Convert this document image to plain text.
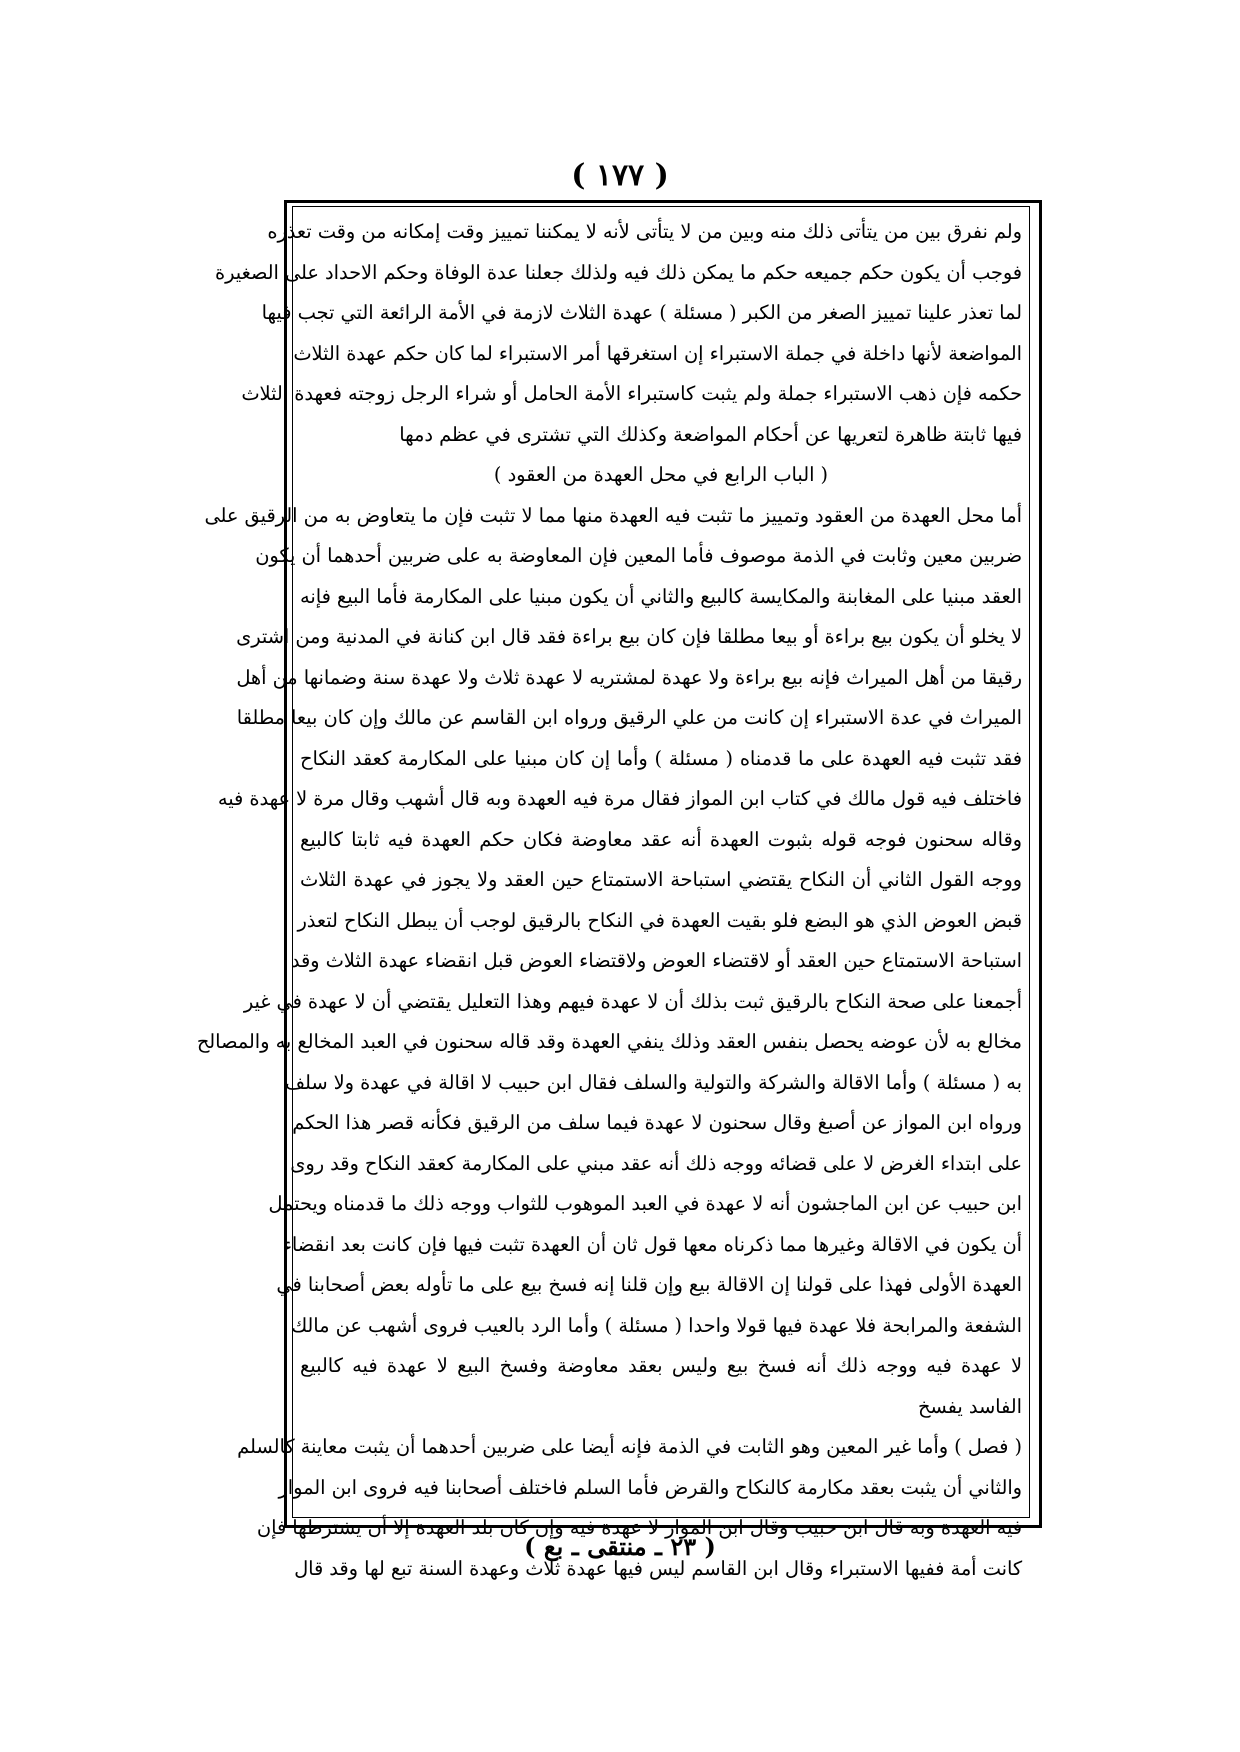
( ١٧٧ )
ولم نفرق بين من يتأتى ذلك منه وبين من لا يتأتى لأنه لا يمكننا تمييز وقت إمكانه من وقت تعذره
فوجب أن يكون حكم جميعه حكم ما يمكن ذلك فيه ولذلك جعلنا عدة الوفاة وحكم الاحداد على الصغيرة
لما تعذر علينا تمييز الصغر من الكبر ( مسئلة ) عهدة الثلاث لازمة في الأمة الرائعة التي تجب فيها
المواضعة لأنها داخلة في جملة الاستبراء إن استغرقها أمر الاستبراء لما كان حكم عهدة الثلاث
حكمه فإن ذهب الاستبراء جملة ولم يثبت كاستبراء الأمة الحامل أو شراء الرجل زوجته فعهدة الثلاث
فيها ثابتة ظاهرة لتعريها عن أحكام المواضعة وكذلك التي تشترى في عظم دمها
( الباب الرابع في محل العهدة من العقود )
أما محل العهدة من العقود وتمييز ما تثبت فيه العهدة منها مما لا تثبت فإن ما يتعاوض به من الرقيق على
ضربين معين وثابت في الذمة موصوف فأما المعين فإن المعاوضة به على ضربين أحدهما أن يكون
العقد مبنيا على المغابنة والمكايسة كالبيع والثاني أن يكون مبنيا على المكارمة فأما البيع فإنه
لا يخلو أن يكون بيع براءة أو بيعا مطلقا فإن كان بيع براءة فقد قال ابن كنانة في المدنية ومن اشترى
رقيقا من أهل الميراث فإنه بيع براءة ولا عهدة لمشتريه لا عهدة ثلاث ولا عهدة سنة وضمانها من أهل
الميراث في عدة الاستبراء إن كانت من علي الرقيق ورواه ابن القاسم عن مالك وإن كان بيعا مطلقا
فقد تثبت فيه العهدة على ما قدمناه ( مسئلة ) وأما إن كان مبنيا على المكارمة كعقد النكاح
فاختلف فيه قول مالك في كتاب ابن المواز فقال مرة فيه العهدة وبه قال أشهب وقال مرة لا عهدة فيه
وقاله سحنون فوجه قوله بثبوت العهدة أنه عقد معاوضة فكان حكم العهدة فيه ثابتا كالبيع
ووجه القول الثاني أن النكاح يقتضي استباحة الاستمتاع حين العقد ولا يجوز في عهدة الثلاث
قبض العوض الذي هو البضع فلو بقيت العهدة في النكاح بالرقيق لوجب أن يبطل النكاح لتعذر
استباحة الاستمتاع حين العقد أو لاقتضاء العوض ولاقتضاء العوض قبل انقضاء عهدة الثلاث وقد
أجمعنا على صحة النكاح بالرقيق ثبت بذلك أن لا عهدة فيهم وهذا التعليل يقتضي أن لا عهدة في غير
مخالع به لأن عوضه يحصل بنفس العقد وذلك ينفي العهدة وقد قاله سحنون في العبد المخالع به والمصالح
به ( مسئلة ) وأما الاقالة والشركة والتولية والسلف فقال ابن حبيب لا اقالة في عهدة ولا سلف
ورواه ابن المواز عن أصبغ وقال سحنون لا عهدة فيما سلف من الرقيق فكأنه قصر هذا الحكم
على ابتداء الغرض لا على قضائه ووجه ذلك أنه عقد مبني على المكارمة كعقد النكاح وقد روى
ابن حبيب عن ابن الماجشون أنه لا عهدة في العبد الموهوب للثواب ووجه ذلك ما قدمناه ويحتمل
أن يكون في الاقالة وغيرها مما ذكرناه معها قول ثان أن العهدة تثبت فيها فإن كانت بعد انقضاء
العهدة الأولى فهذا على قولنا إن الاقالة بيع وإن قلنا إنه فسخ بيع على ما تأوله بعض أصحابنا في
الشفعة والمرابحة فلا عهدة فيها قولا واحدا ( مسئلة ) وأما الرد بالعيب فروى أشهب عن مالك
لا عهدة فيه ووجه ذلك أنه فسخ بيع وليس بعقد معاوضة وفسخ البيع لا عهدة فيه كالبيع
الفاسد يفسخ
( فصل ) وأما غير المعين وهو الثابت في الذمة فإنه أيضا على ضربين أحدهما أن يثبت معاينة كالسلم
والثاني أن يثبت بعقد مكارمة كالنكاح والقرض فأما السلم فاختلف أصحابنا فيه فروى ابن المواز
فيه العهدة وبه قال ابن حبيب وقال ابن المواز لا عهدة فيه وإن كان بلد العهدة إلا أن يشترطها فإن
كانت أمة ففيها الاستبراء وقال ابن القاسم ليس فيها عهدة ثلاث وعهدة السنة تبع لها وقد قال
( ٢٣ ـ منتقى ـ بع )
